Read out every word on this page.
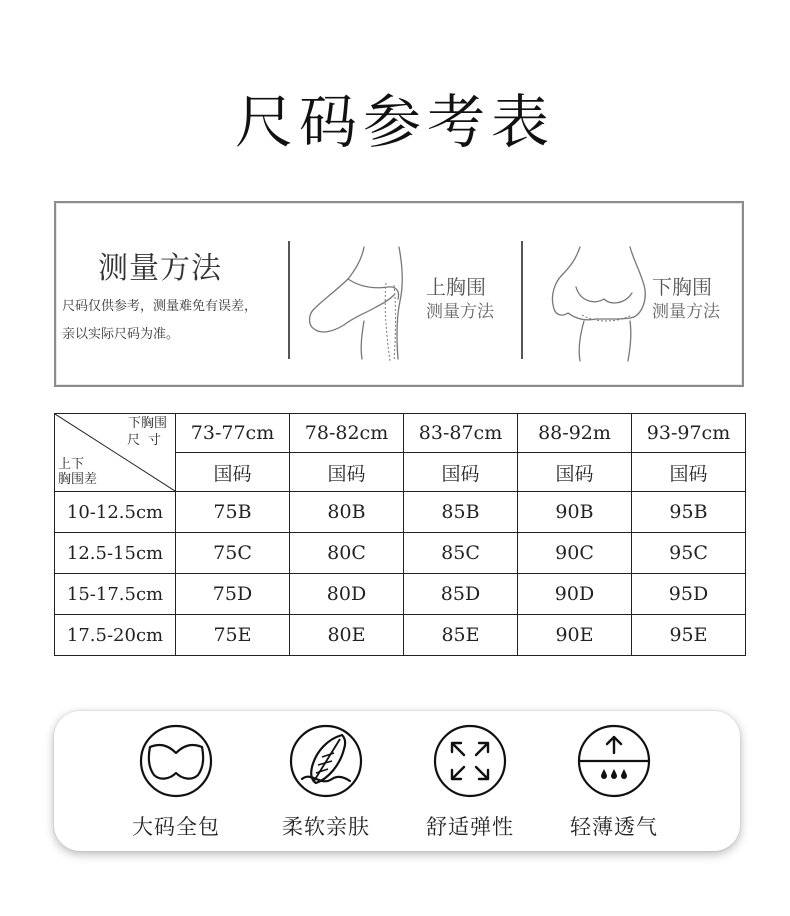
尺码参考表
测量方法
尺码仅供参考，测量难免有误差，
亲以实际尺码为准。
上胸围
测量方法
下胸围
测量方法
下胸围
尺寸
上下
胸围差	73-77cm	78-82cm	83-87cm	88-92m	93-97cm
	国码	国码	国码	国码	国码
10-12.5cm	75B	80B	85B	90B	95B
12.5-15cm	75C	80C	85C	90C	95C
15-17.5cm	75D	80D	85D	90D	95D
17.5-20cm	75E	80E	85E	90E	95E
大码全包	柔软亲肤	舒适弹性	轻薄透气
